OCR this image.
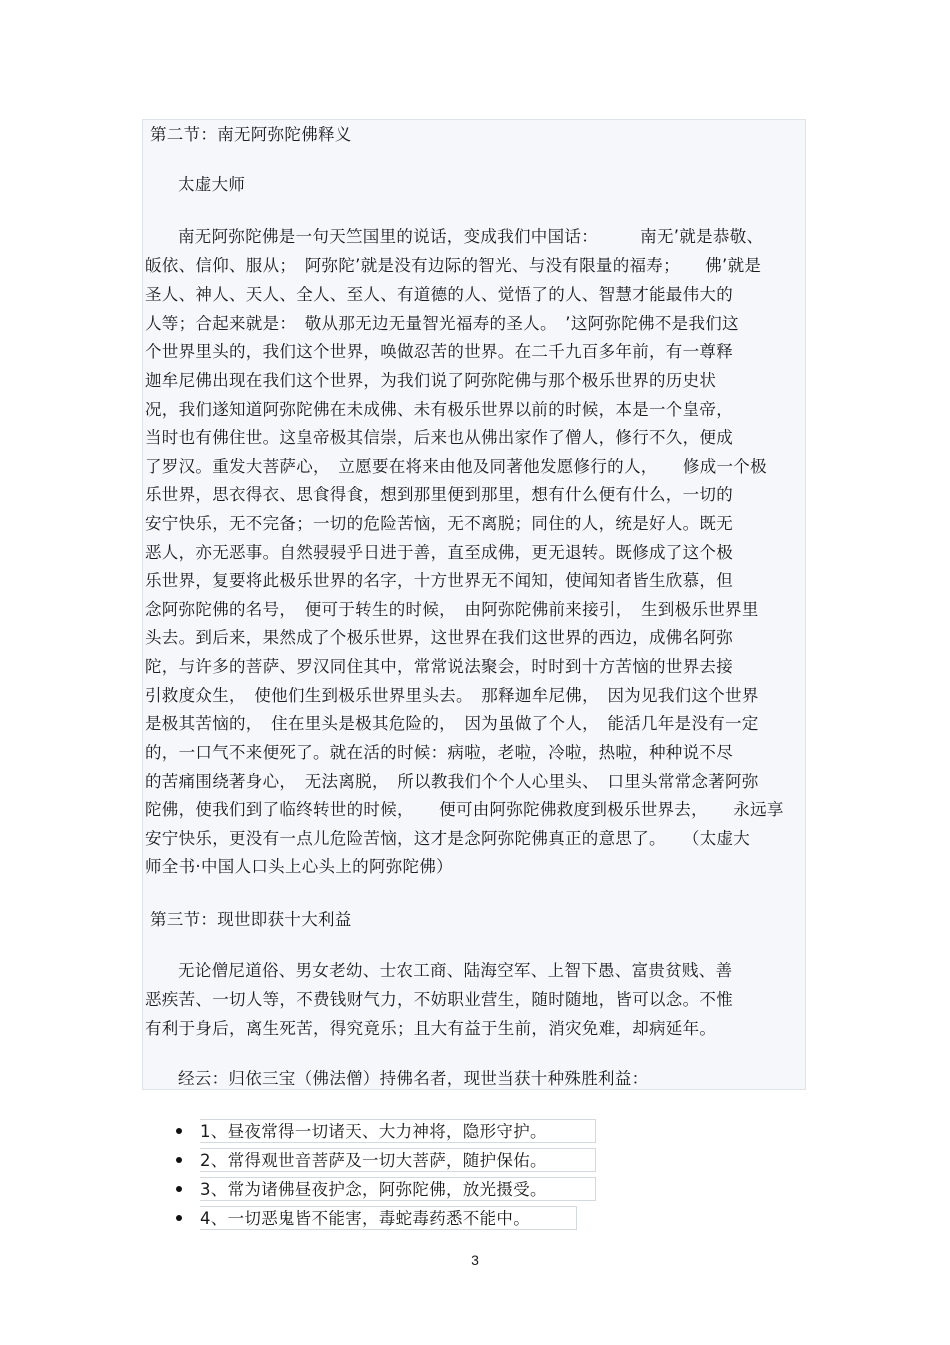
第二节：南无阿弥陀佛释义
太虚大师
南无阿弥陀佛是一句天竺国里的说话，变成我们中国话：　　　南无’就是恭敬、
皈依、信仰、服从；　阿弥陀’就是没有边际的智光、与没有限量的福寿；　　佛’就是
圣人、神人、天人、全人、至人、有道德的人、觉悟了的人、智慧才能最伟大的
人等；合起来就是：　敬从那无边无量智光福寿的圣人。　’这阿弥陀佛不是我们这
个世界里头的，我们这个世界，唤做忍苦的世界。在二千九百多年前，有一尊释
迦牟尼佛出现在我们这个世界，为我们说了阿弥陀佛与那个极乐世界的历史状
况，我们遂知道阿弥陀佛在未成佛、未有极乐世界以前的时候，本是一个皇帝，
当时也有佛住世。这皇帝极其信崇，后来也从佛出家作了僧人，修行不久，便成
了罗汉。重发大菩萨心，　立愿要在将来由他及同著他发愿修行的人，　　修成一个极
乐世界，思衣得衣、思食得食，想到那里便到那里，想有什么便有什么，一切的
安宁快乐，无不完备；一切的危险苦恼，无不离脱；同住的人，统是好人。既无
恶人，亦无恶事。自然骎骎乎日进于善，直至成佛，更无退转。既修成了这个极
乐世界，复要将此极乐世界的名字，十方世界无不闻知，使闻知者皆生欣慕，但
念阿弥陀佛的名号，　便可于转生的时候，　由阿弥陀佛前来接引，　生到极乐世界里
头去。到后来，果然成了个极乐世界，这世界在我们这世界的西边，成佛名阿弥
陀，与许多的菩萨、罗汉同住其中，常常说法聚会，时时到十方苦恼的世界去接
引救度众生，　使他们生到极乐世界里头去。　那释迦牟尼佛，　因为见我们这个世界
是极其苦恼的，　住在里头是极其危险的，　因为虽做了个人，　能活几年是没有一定
的，一口气不来便死了。就在活的时候：病啦，老啦，冷啦，热啦，种种说不尽
的苦痛围绕著身心，　无法离脱，　所以教我们个个人心里头、　口里头常常念著阿弥
陀佛，使我们到了临终转世的时候，　　便可由阿弥陀佛救度到极乐世界去，　　永远享
安宁快乐，更没有一点儿危险苦恼，这才是念阿弥陀佛真正的意思了。　　（太虚大
师全书·中国人口头上心头上的阿弥陀佛）
第三节：现世即获十大利益
无论僧尼道俗、男女老幼、士农工商、陆海空军、上智下愚、富贵贫贱、善
恶疾苦、一切人等，不费钱财气力，不妨职业营生，随时随地，皆可以念。不惟
有利于身后，离生死苦，得究竟乐；且大有益于生前，消灾免难，却病延年。
经云：归依三宝（佛法僧）持佛名者，现世当获十种殊胜利益：
1、昼夜常得一切诸天、大力神将，隐形守护。
2、常得观世音菩萨及一切大菩萨，随护保佑。
3、常为诸佛昼夜护念，阿弥陀佛，放光摄受。
4、一切恶鬼皆不能害，毒蛇毒药悉不能中。
3
